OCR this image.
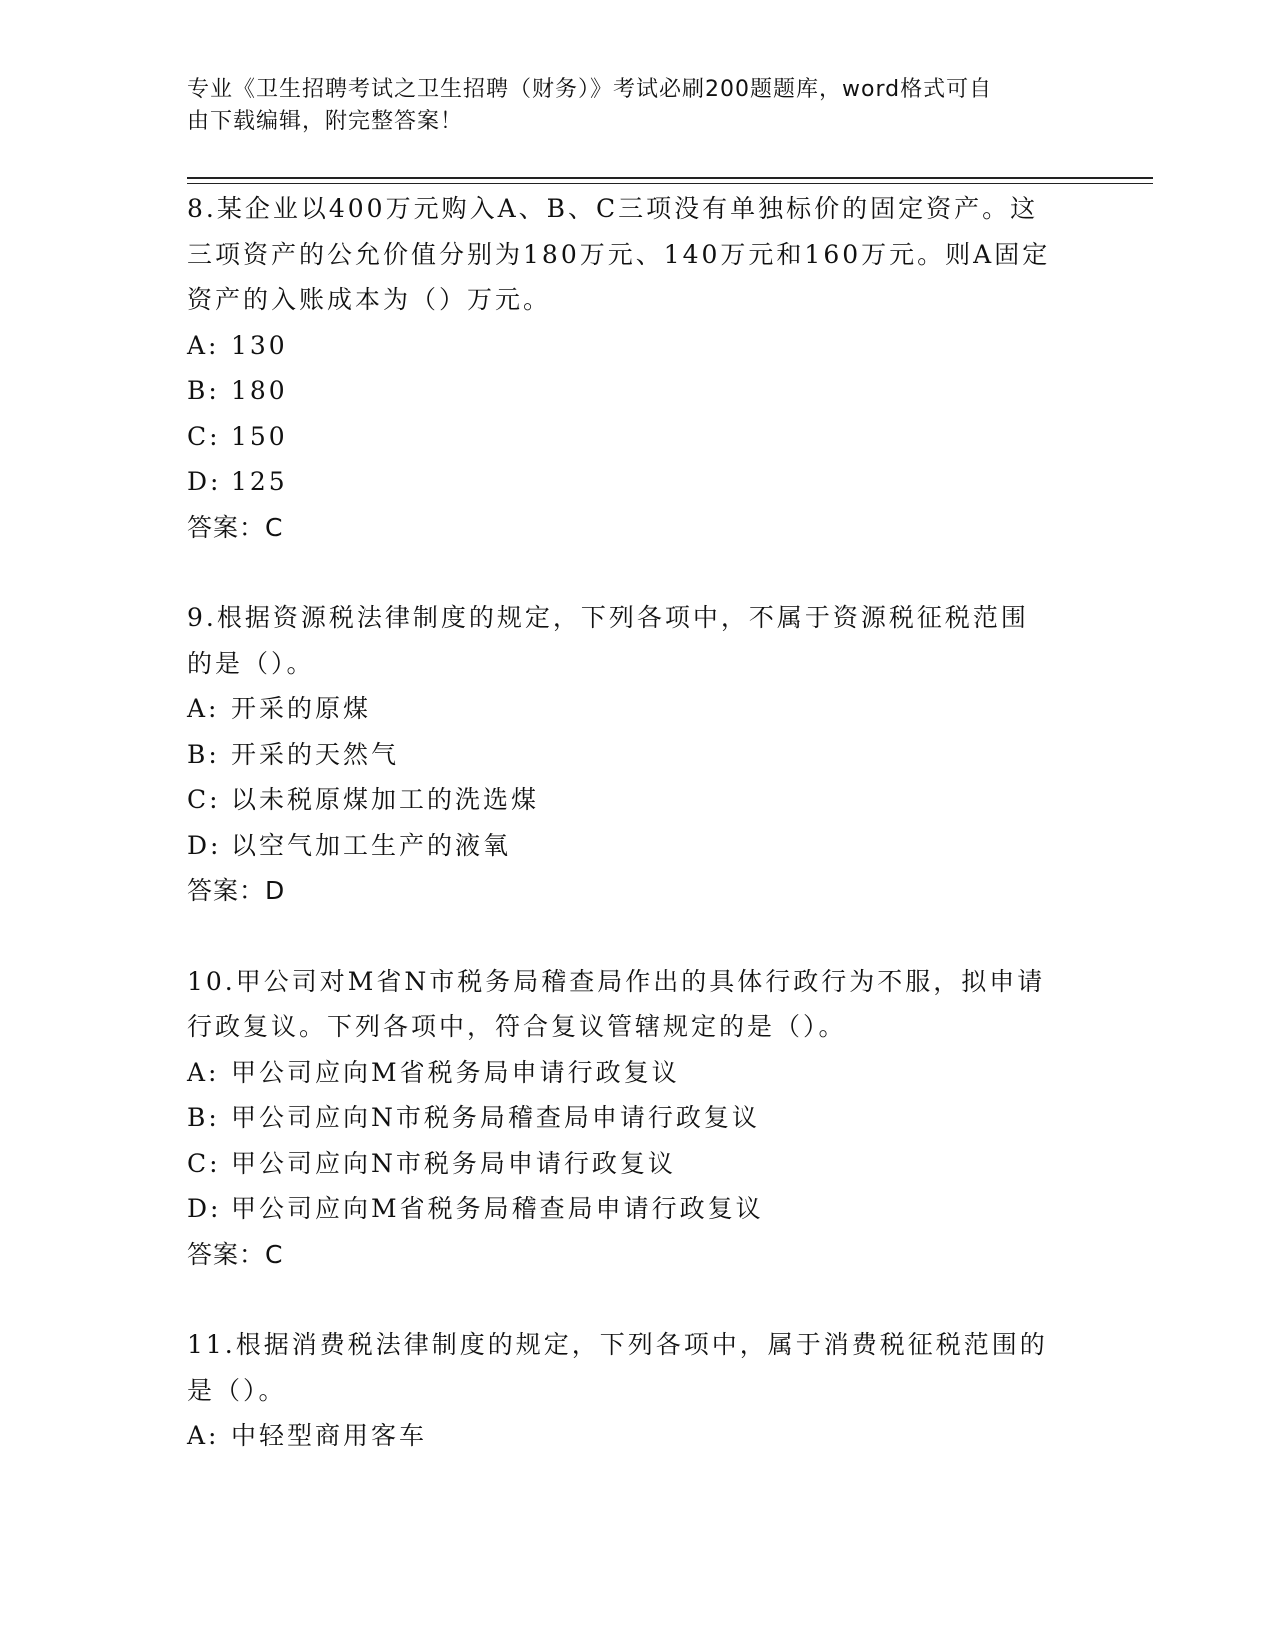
专业《卫生招聘考试之卫生招聘（财务）》考试必刷200题题库，word格式可自
由下载编辑，附完整答案！
8.某企业以400万元购入A、B、C三项没有单独标价的固定资产。这
三项资产的公允价值分别为180万元、140万元和160万元。则A固定
资产的入账成本为（）万元。
A: 130
B: 180
C: 150
D: 125
答案：C
9.根据资源税法律制度的规定，下列各项中，不属于资源税征税范围
的是（）。
A: 开采的原煤
B: 开采的天然气
C: 以未税原煤加工的洗选煤
D: 以空气加工生产的液氧
答案：D
10.甲公司对M省N市税务局稽查局作出的具体行政行为不服，拟申请
行政复议。下列各项中，符合复议管辖规定的是（）。
A: 甲公司应向M省税务局申请行政复议
B: 甲公司应向N市税务局稽查局申请行政复议
C: 甲公司应向N市税务局申请行政复议
D: 甲公司应向M省税务局稽查局申请行政复议
答案：C
11.根据消费税法律制度的规定，下列各项中，属于消费税征税范围的
是（）。
A: 中轻型商用客车
